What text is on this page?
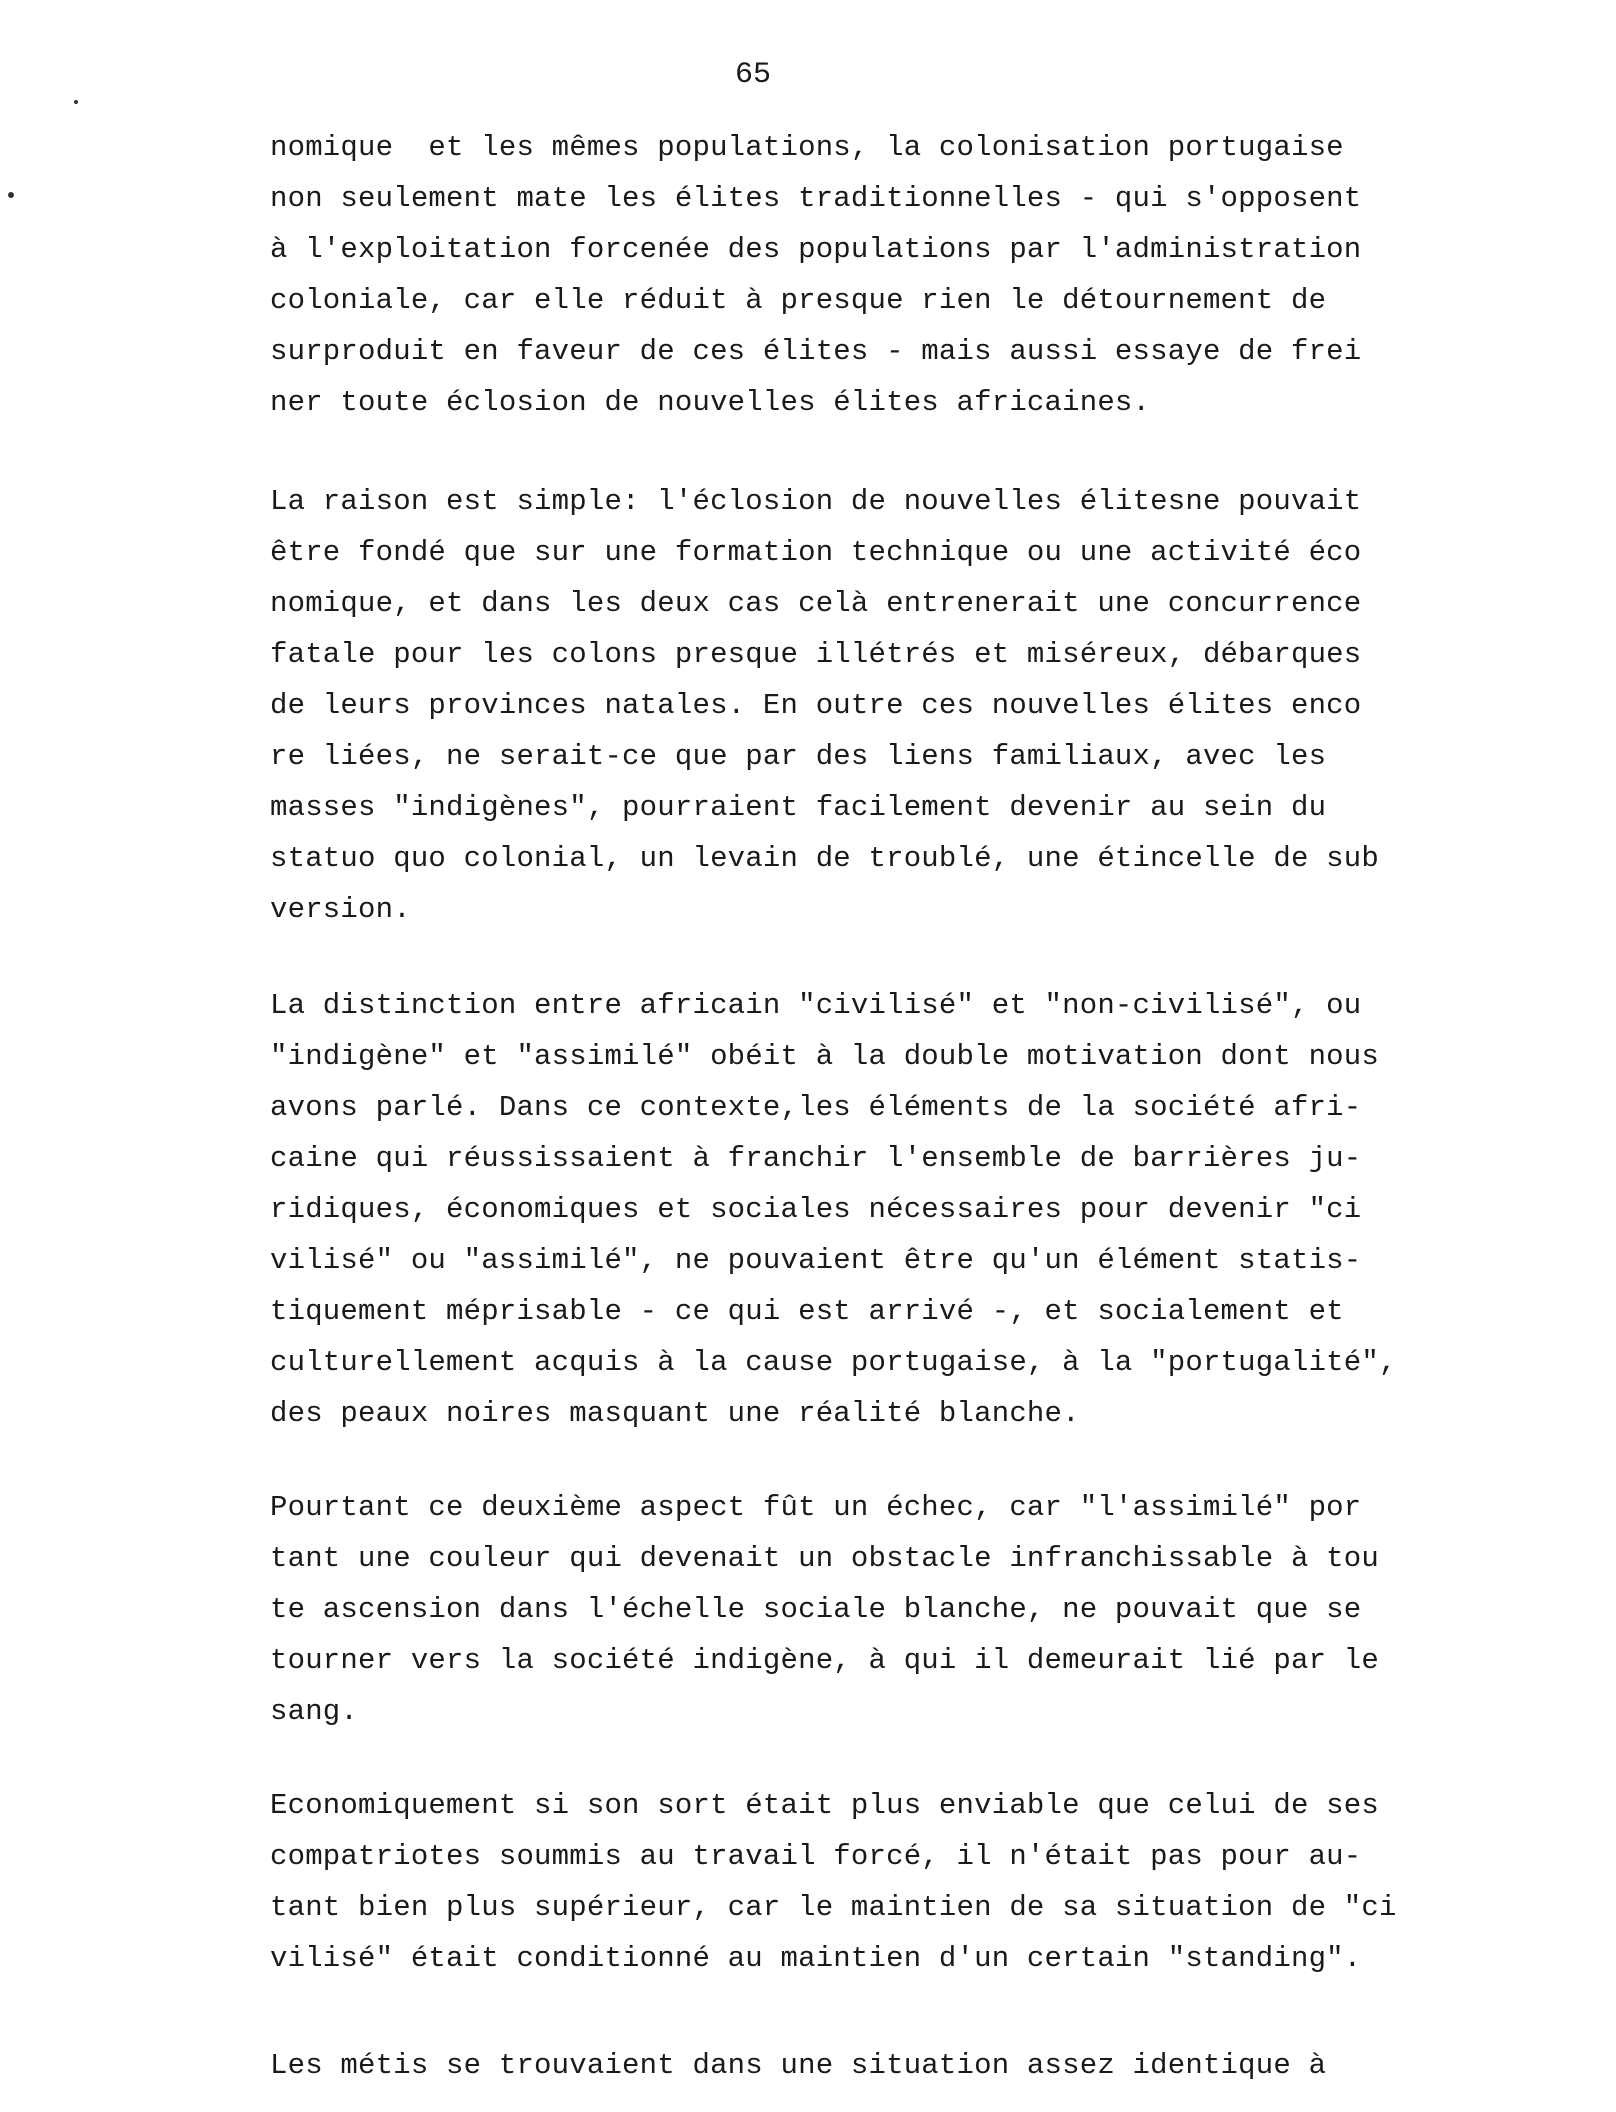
65
nomique  et les mêmes populations, la colonisation portugaise
non seulement mate les élites traditionnelles - qui s'opposent
à l'exploitation forcenée des populations par l'administration
coloniale, car elle réduit à presque rien le détournement de
surproduit en faveur de ces élites - mais aussi essaye de frei
ner toute éclosion de nouvelles élites africaines.
La raison est simple: l'éclosion de nouvelles élitesne pouvait
être fondé que sur une formation technique ou une activité éco
nomique, et dans les deux cas celà entrenerait une concurrence
fatale pour les colons presque illétrés et miséreux, débarques
de leurs provinces natales. En outre ces nouvelles élites enco
re liées, ne serait-ce que par des liens familiaux, avec les
masses "indigènes", pourraient facilement devenir au sein du
statuo quo colonial, un levain de troublé, une étincelle de sub
version.
La distinction entre africain "civilisé" et "non-civilisé", ou
"indigène" et "assimilé" obéit à la double motivation dont nous
avons parlé. Dans ce contexte,les éléments de la société afri-
caine qui réussissaient à franchir l'ensemble de barrières ju-
ridiques, économiques et sociales nécessaires pour devenir "ci
vilisé" ou "assimilé", ne pouvaient être qu'un élément statis-
tiquement méprisable - ce qui est arrivé -, et socialement et
culturellement acquis à la cause portugaise, à la "portugalité",
des peaux noires masquant une réalité blanche.
Pourtant ce deuxième aspect fût un échec, car "l'assimilé" por
tant une couleur qui devenait un obstacle infranchissable à tou
te ascension dans l'échelle sociale blanche, ne pouvait que se
tourner vers la société indigène, à qui il demeurait lié par le
sang.
Economiquement si son sort était plus enviable que celui de ses
compatriotes soummis au travail forcé, il n'était pas pour au-
tant bien plus supérieur, car le maintien de sa situation de "ci
vilisé" était conditionné au maintien d'un certain "standing".
Les métis se trouvaient dans une situation assez identique à
